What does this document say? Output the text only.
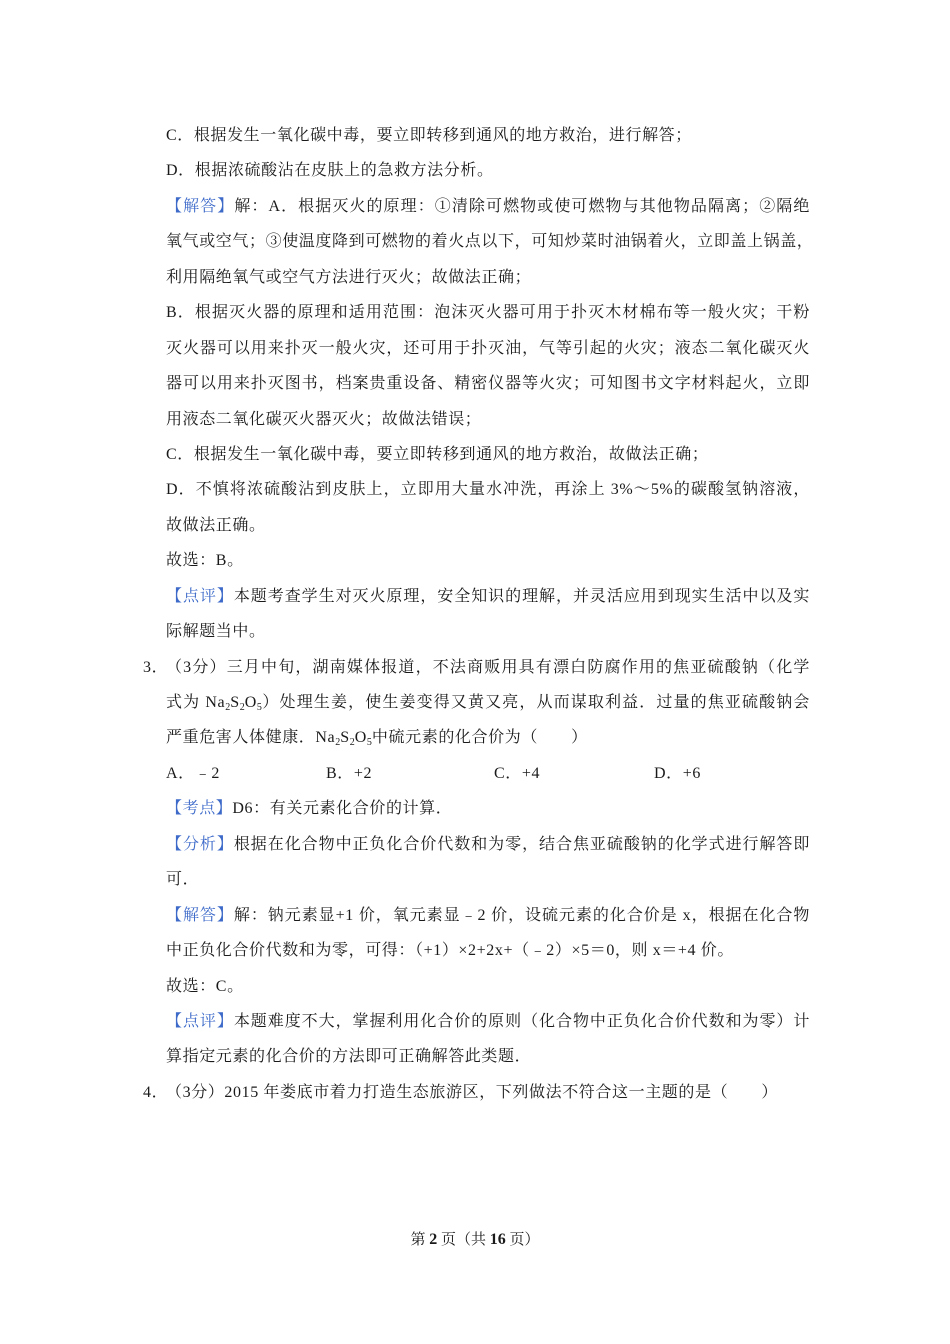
C．根据发生一氧化碳中毒，要立即转移到通风的地方救治，进行解答；
D．根据浓硫酸沾在皮肤上的急救方法分析。
【解答】解：A．根据灭火的原理：①清除可燃物或使可燃物与其他物品隔离；②隔绝
氧气或空气；③使温度降到可燃物的着火点以下，可知炒菜时油锅着火，立即盖上锅盖，
利用隔绝氧气或空气方法进行灭火；故做法正确；
B．根据灭火器的原理和适用范围：泡沫灭火器可用于扑灭木材棉布等一般火灾；干粉
灭火器可以用来扑灭一般火灾，还可用于扑灭油，气等引起的火灾；液态二氧化碳灭火
器可以用来扑灭图书，档案贵重设备、精密仪器等火灾；可知图书文字材料起火，立即
用液态二氧化碳灭火器灭火；故做法错误；
C．根据发生一氧化碳中毒，要立即转移到通风的地方救治，故做法正确；
D．不慎将浓硫酸沾到皮肤上，立即用大量水冲洗，再涂上 3%～5%的碳酸氢钠溶液，
故做法正确。
故选：B。
【点评】本题考查学生对灭火原理，安全知识的理解，并灵活应用到现实生活中以及实
际解题当中。
3．
（3分）三月中旬，湖南媒体报道，不法商贩用具有漂白防腐作用的焦亚硫酸钠（化学
式为 $Na_2S_2O_5$）处理生姜，使生姜变得又黄又亮，从而谋取利益．过量的焦亚硫酸钠会
严重危害人体健康．$Na_2S_2O_5$中硫元素的化合价为（　　）
A．﹣2	B．+2	C．+4	D．+6
【考点】D6：有关元素化合价的计算．
【分析】根据在化合物中正负化合价代数和为零，结合焦亚硫酸钠的化学式进行解答即
可．
【解答】解：钠元素显+1 价，氧元素显﹣2 价，设硫元素的化合价是 x，根据在化合物
中正负化合价代数和为零，可得：（+1）×2+2x+（﹣2）×5＝0，则 x＝+4 价。
故选：C。
【点评】本题难度不大，掌握利用化合价的原则（化合物中正负化合价代数和为零）计
算指定元素的化合价的方法即可正确解答此类题．
4．
（3分）2015 年娄底市着力打造生态旅游区，下列做法不符合这一主题的是（　　）
第 2 页（共 16 页）
